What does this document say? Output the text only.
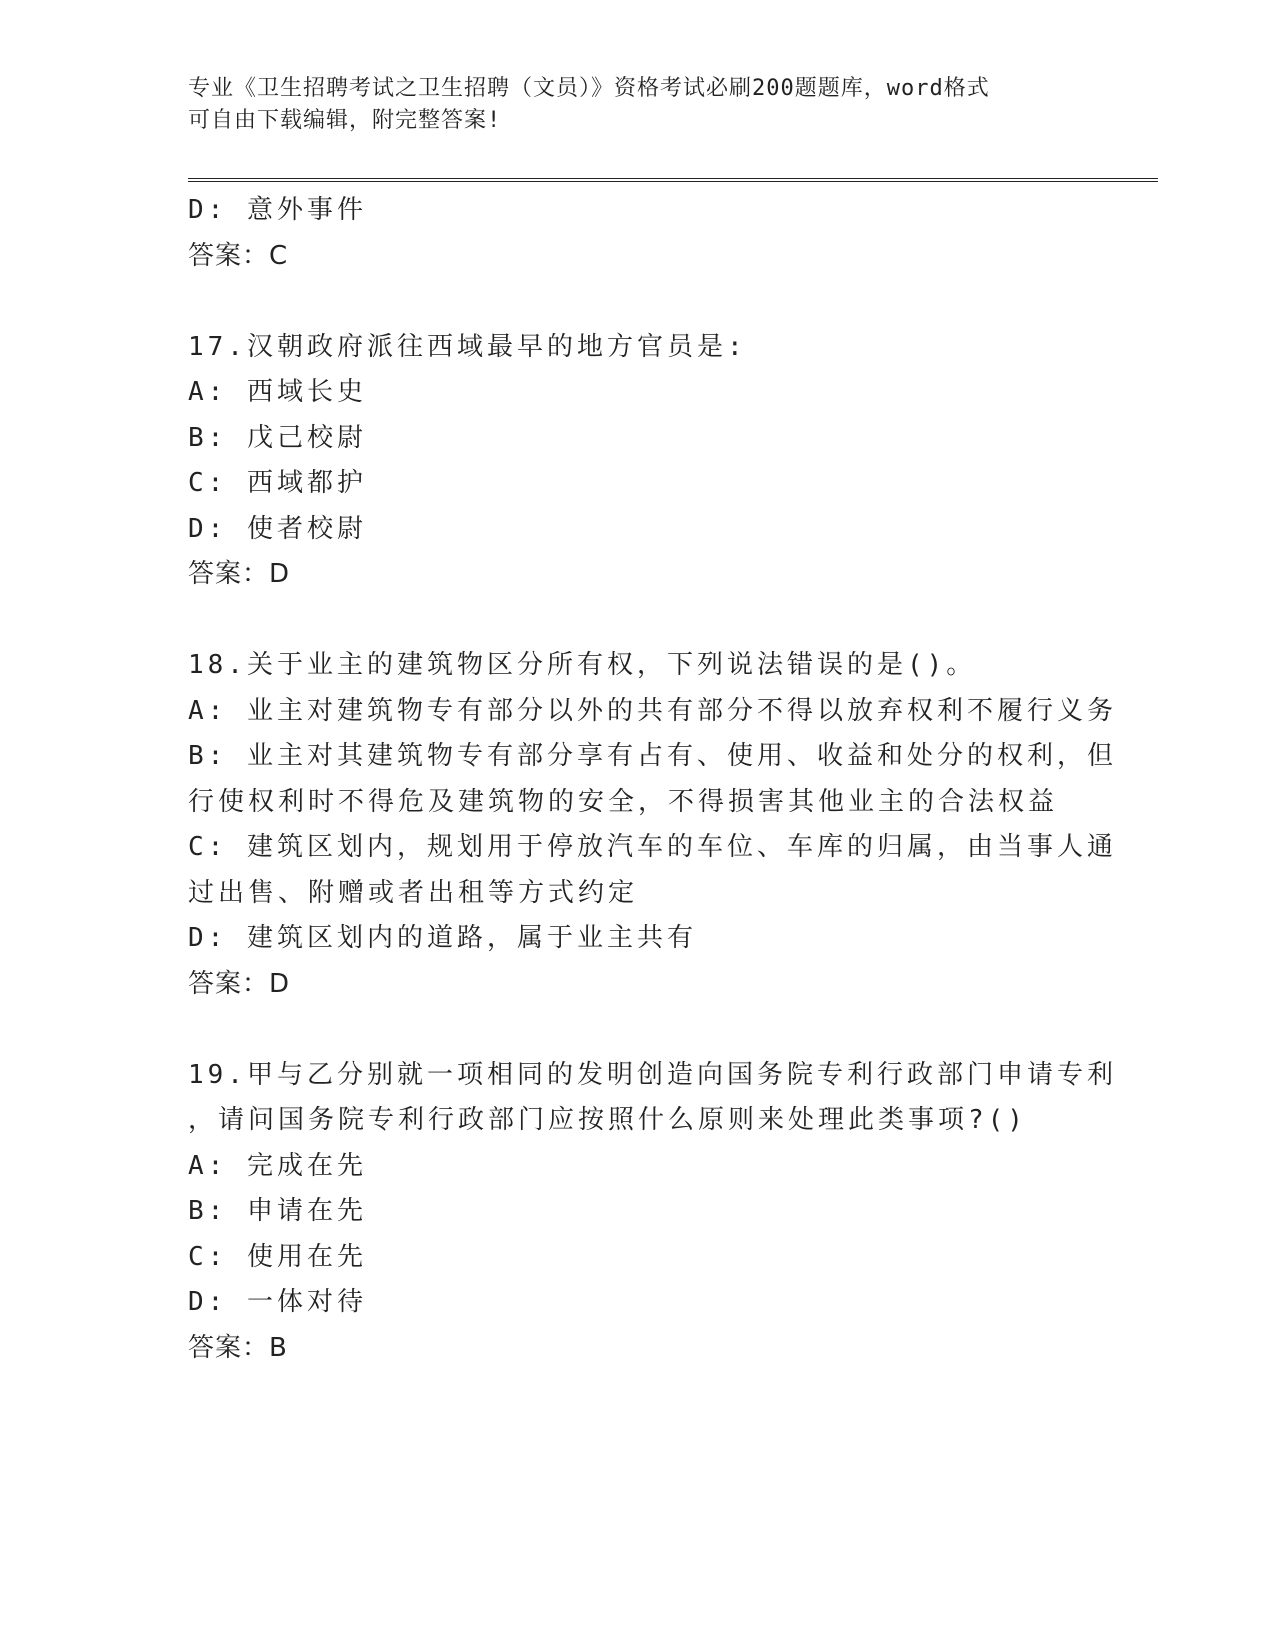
专业《卫生招聘考试之卫生招聘（文员）》资格考试必刷200题题库，word格式
可自由下载编辑，附完整答案!
D: 意外事件
答案：C
17.汉朝政府派往西域最早的地方官员是:
A: 西域长史
B: 戊己校尉
C: 西域都护
D: 使者校尉
答案：D
18.关于业主的建筑物区分所有权，下列说法错误的是()。
A: 业主对建筑物专有部分以外的共有部分不得以放弃权利不履行义务
B: 业主对其建筑物专有部分享有占有、使用、收益和处分的权利，但
行使权利时不得危及建筑物的安全，不得损害其他业主的合法权益
C: 建筑区划内，规划用于停放汽车的车位、车库的归属，由当事人通
过出售、附赠或者出租等方式约定
D: 建筑区划内的道路，属于业主共有
答案：D
19.甲与乙分别就一项相同的发明创造向国务院专利行政部门申请专利
，请问国务院专利行政部门应按照什么原则来处理此类事项?()
A: 完成在先
B: 申请在先
C: 使用在先
D: 一体对待
答案：B
